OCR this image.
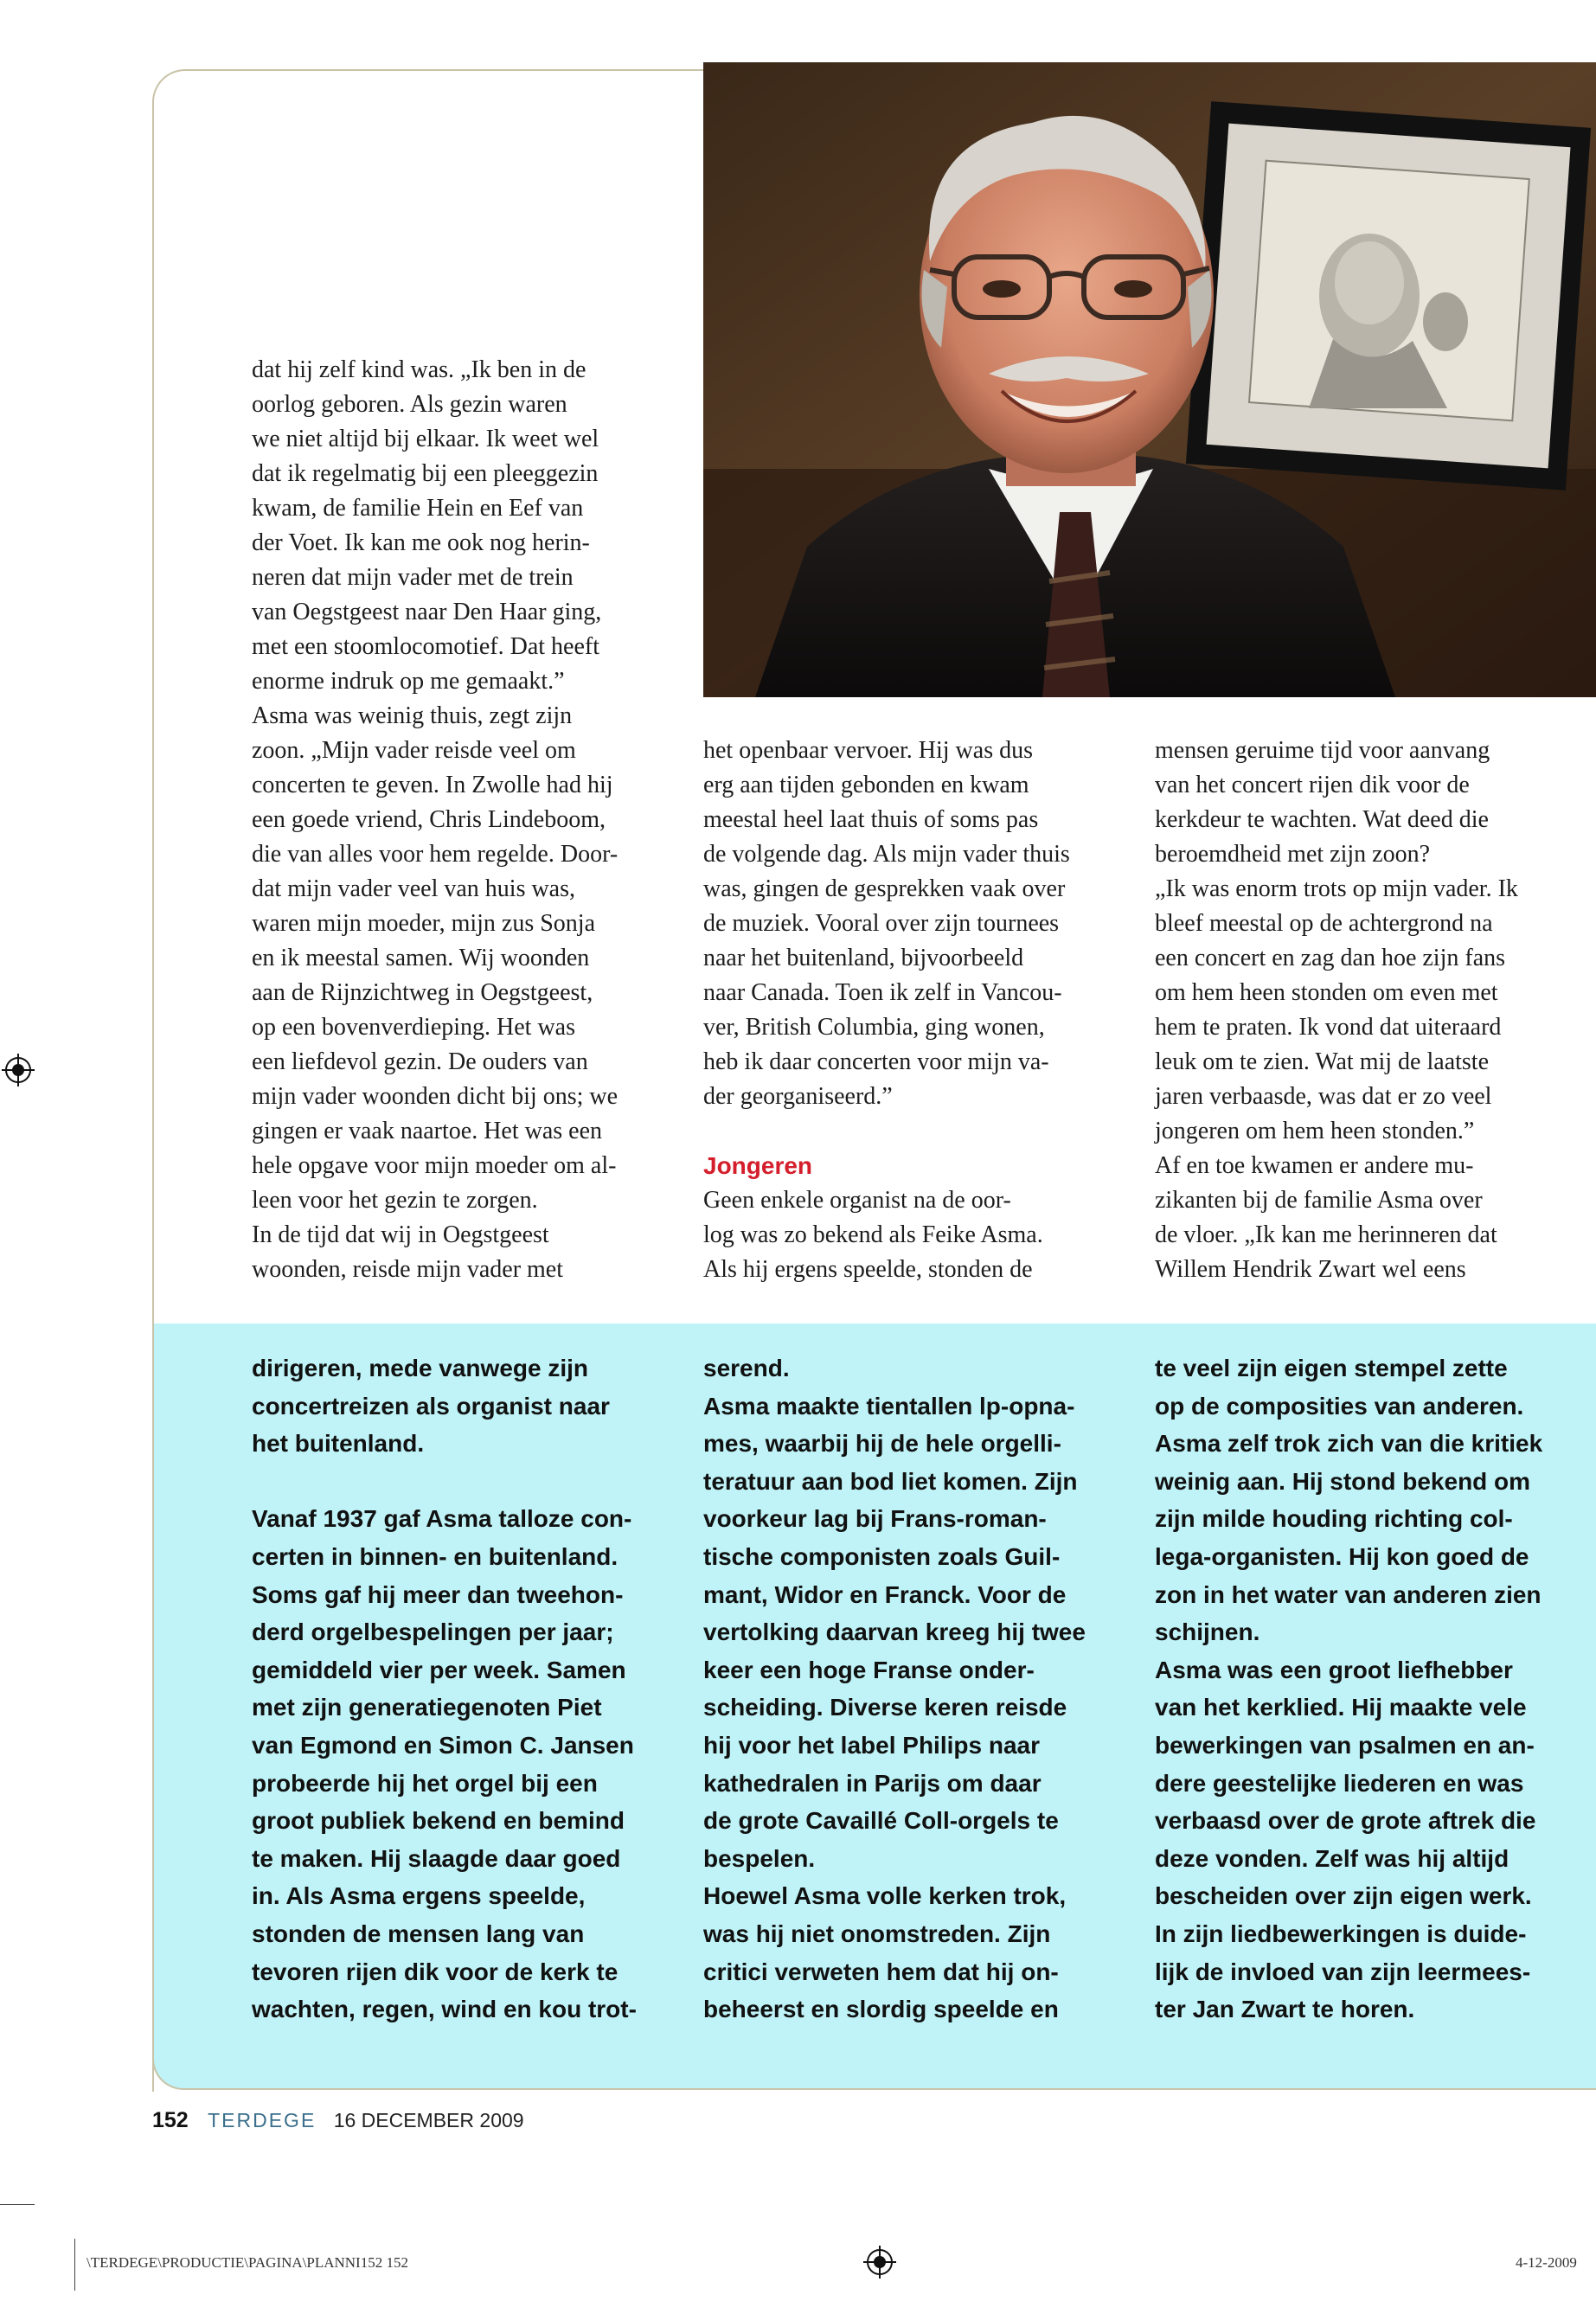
dat hij zelf kind was. „Ik ben in de

oorlog geboren. Als gezin waren

we niet altijd bij elkaar. Ik weet wel

dat ik regelmatig bij een pleeggezin

kwam, de familie Hein en Eef van

der Voet. Ik kan me ook nog herin-

neren dat mijn vader met de trein

van Oegstgeest naar Den Haar ging,

met een stoomlocomotief. Dat heeft

enorme indruk op me gemaakt.”

Asma was weinig thuis, zegt zijn

zoon. „Mijn vader reisde veel om

concerten te geven. In Zwolle had hij

een goede vriend, Chris Lindeboom,

die van alles voor hem regelde. Door-

dat mijn vader veel van huis was,

waren mijn moeder, mijn zus Sonja

en ik meestal samen. Wij woonden

aan de Rijnzichtweg in Oegstgeest,

op een bovenverdieping. Het was

een liefdevol gezin. De ouders van

mijn vader woonden dicht bij ons; we

gingen er vaak naartoe. Het was een

hele opgave voor mijn moeder om al-

leen voor het gezin te zorgen.

In de tijd dat wij in Oegstgeest

woonden, reisde mijn vader met

het openbaar vervoer. Hij was dus

erg aan tijden gebonden en kwam

meestal heel laat thuis of soms pas

de volgende dag. Als mijn vader thuis

was, gingen de gesprekken vaak over

de muziek. Vooral over zijn tournees

naar het buitenland, bijvoorbeeld

naar Canada. Toen ik zelf in Vancou-

ver, British Columbia, ging wonen,

heb ik daar concerten voor mijn va-

der georganiseerd.”

Jongeren

Geen enkele organist na de oor-

log was zo bekend als Feike Asma.

Als hij ergens speelde, stonden de

mensen geruime tijd voor aanvang

van het concert rijen dik voor de

kerkdeur te wachten. Wat deed die

beroemdheid met zijn zoon?

„Ik was enorm trots op mijn vader. Ik

bleef meestal op de achtergrond na

een concert en zag dan hoe zijn fans

om hem heen stonden om even met

hem te praten. Ik vond dat uiteraard

leuk om te zien. Wat mij de laatste

jaren verbaasde, was dat er zo veel

jongeren om hem heen stonden.”

Af en toe kwamen er andere mu-

zikanten bij de familie Asma over

de vloer. „Ik kan me herinneren dat

Willem Hendrik Zwart wel eens

dirigeren, mede vanwege zijn

concertreizen als organist naar

het buitenland.

Vanaf 1937 gaf Asma talloze con-

certen in binnen- en buitenland.

Soms gaf hij meer dan tweehon-

derd orgelbespelingen per jaar;

gemiddeld vier per week. Samen

met zijn generatiegenoten Piet

van Egmond en Simon C. Jansen

probeerde hij het orgel bij een

groot publiek bekend en bemind

te maken. Hij slaagde daar goed

in. Als Asma ergens speelde,

stonden de mensen lang van

tevoren rijen dik voor de kerk te

wachten, regen, wind en kou trot-

serend.

Asma maakte tientallen lp-opna-

mes, waarbij hij de hele orgelli-

teratuur aan bod liet komen. Zijn

voorkeur lag bij Frans-roman-

tische componisten zoals Guil-

mant, Widor en Franck. Voor de

vertolking daarvan kreeg hij twee

keer een hoge Franse onder-

scheiding. Diverse keren reisde

hij voor het label Philips naar

kathedralen in Parijs om daar

de grote Cavaillé Coll-orgels te

bespelen.

Hoewel Asma volle kerken trok,

was hij niet onomstreden. Zijn

critici verweten hem dat hij on-

beheerst en slordig speelde en

te veel zijn eigen stempel zette

op de composities van anderen.

Asma zelf trok zich van die kritiek

weinig aan. Hij stond bekend om

zijn milde houding richting col-

lega-organisten. Hij kon goed de

zon in het water van anderen zien

schijnen.

Asma was een groot liefhebber

van het kerklied. Hij maakte vele

bewerkingen van psalmen en an-

dere geestelijke liederen en was

verbaasd over de grote aftrek die

deze vonden. Zelf was hij altijd

bescheiden over zijn eigen werk.

In zijn liedbewerkingen is duide-

lijk de invloed van zijn leermees-

ter Jan Zwart te horen.

152 TERDEGE 16 DECEMBER 2009
\TERDEGE\PRODUCTIE\PAGINA\PLANNI152 152	4-12-2009
